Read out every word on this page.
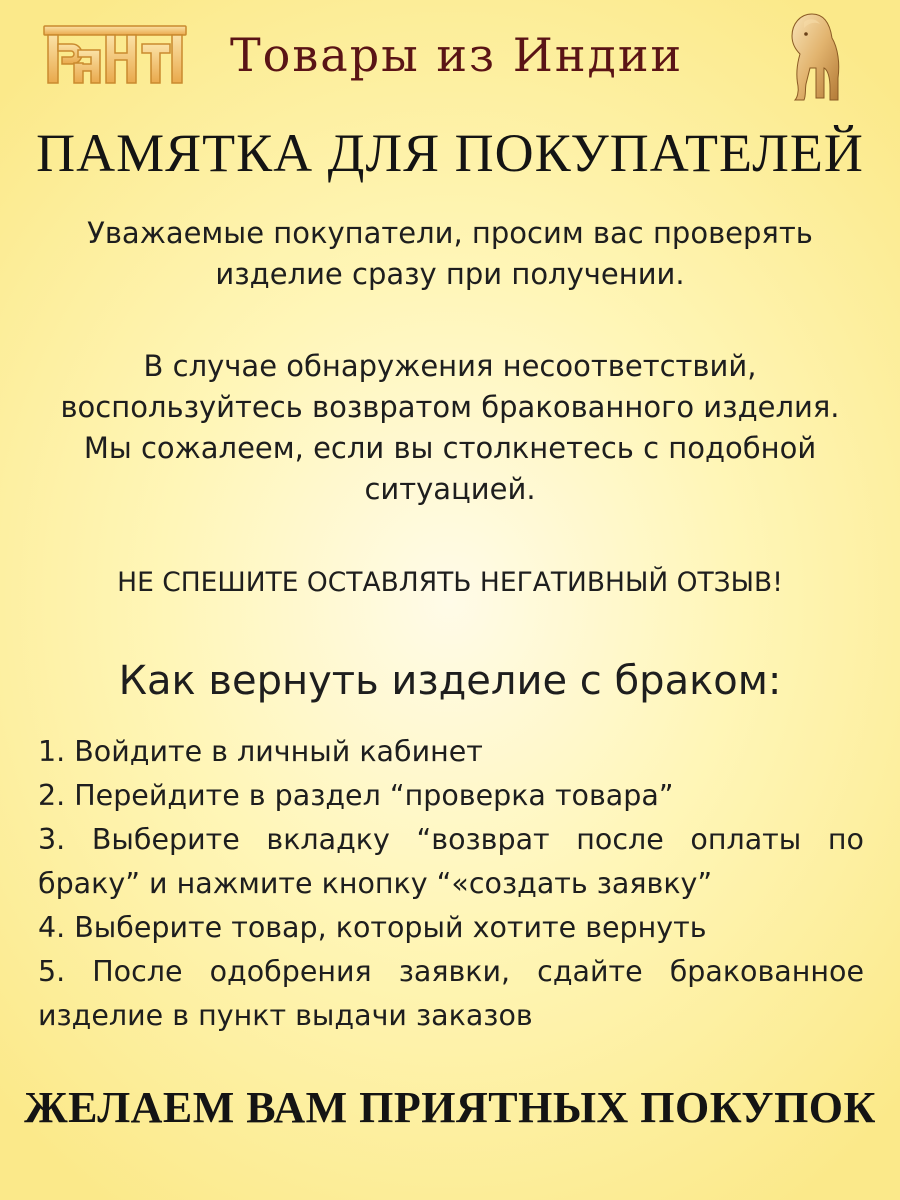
Товары из Индии
ПАМЯТКА ДЛЯ ПОКУПАТЕЛЕЙ
Уважаемые покупатели, просим вас проверять изделие сразу при получении.
В случае обнаружения несоответствий, воспользуйтесь возвратом бракованного изделия. Мы сожалеем, если вы столкнетесь с подобной ситуацией.
НЕ СПЕШИТЕ ОСТАВЛЯТЬ НЕГАТИВНЫЙ ОТЗЫВ!
Как вернуть изделие с браком:
1. Войдите в личный кабинет
2. Перейдите в раздел “проверка товара”
3. Выберите вкладку “возврат после оплаты по браку” и нажмите кнопку “«создать заявку”
4. Выберите товар, который хотите вернуть
5. После одобрения заявки, сдайте бракованное изделие в пункт выдачи заказов
ЖЕЛАЕМ ВАМ ПРИЯТНЫХ ПОКУПОК
